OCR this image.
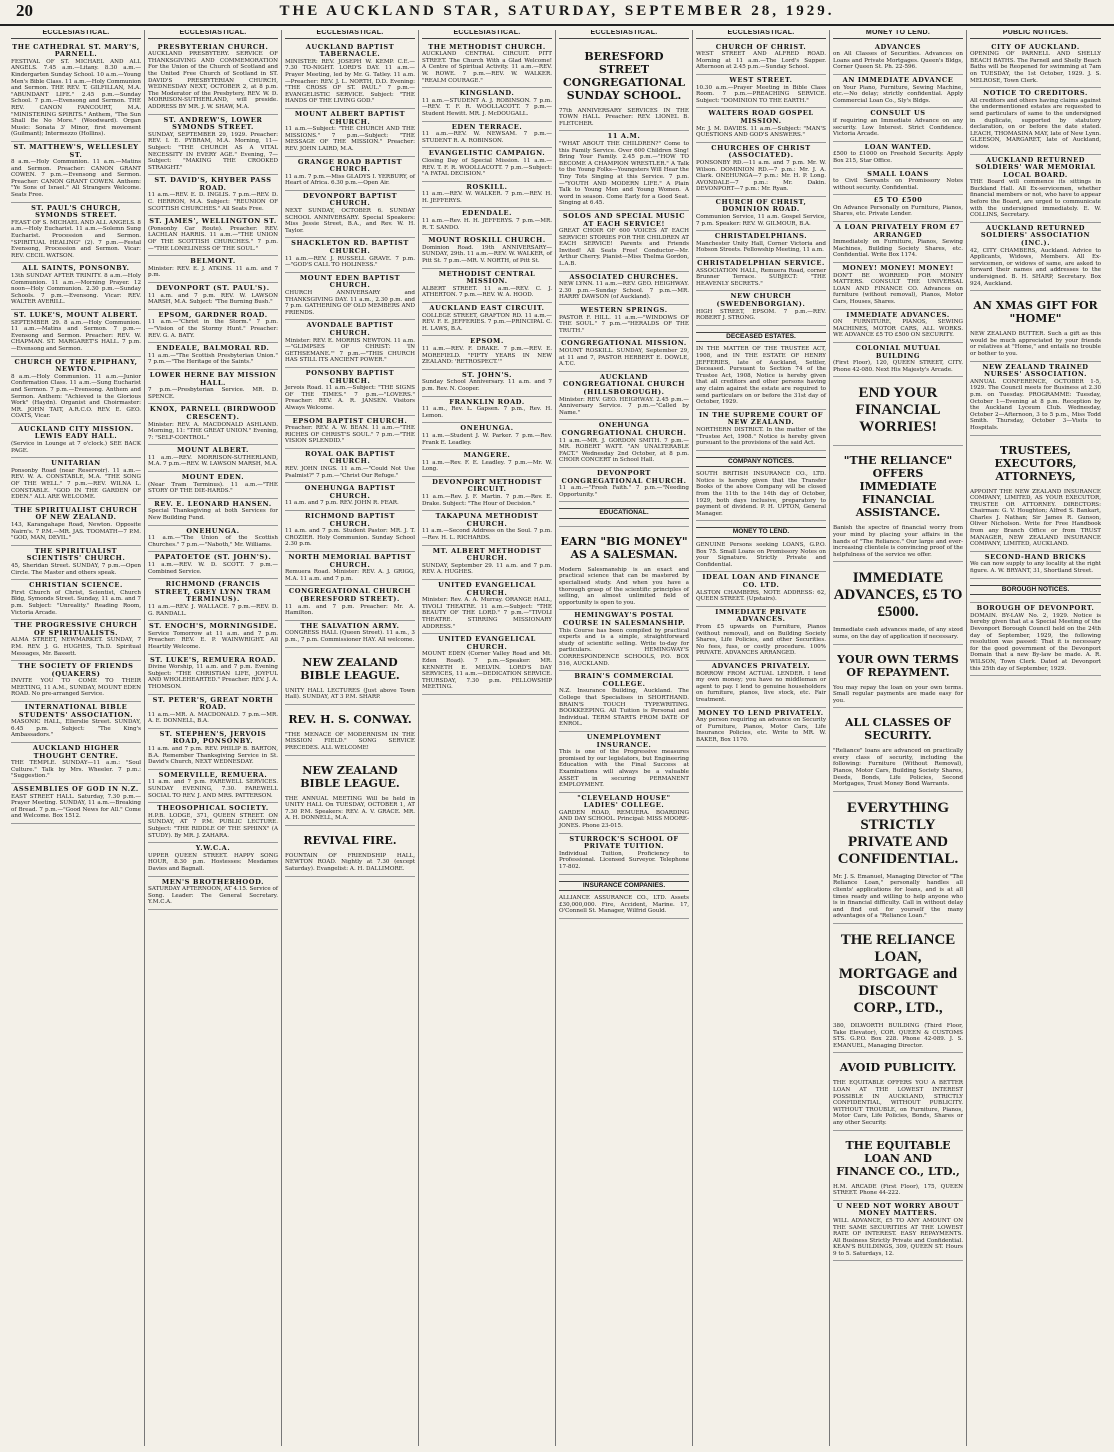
20	THE AUCKLAND STAR, SATURDAY, SEPTEMBER 28, 1929.
ECCLESIASTICAL.
THE CATHEDRAL ST. MARY'S, PARNELL.
FESTIVAL OF ST. MICHAEL AND ALL ANGELS. 7.45 a.m.—Litany. 8.30 a.m.—Kindergarten Sunday School. 10 a.m.—Young Men's Bible Class. 11 a.m.—Holy Communion and Sermon. THE REV. T. GILFILLAN, M.A. "ABUNDANT LIFE." 2.45 p.m.—Sunday School. 7 p.m.—Evensong and Sermon. THE REV. CANON FANCOURT, M.A. "MINISTERING SPIRITS." Anthem, "The Sun Shall Be No More." (Woodward). Organ Music: Sonata 3' Minor, first movement (Guilmant); Intermezzo (Hollins).
ST. MATTHEW'S, WELLESLEY ST.
8 a.m.—Holy Communion. 11 a.m.—Matins and Sermon. Preacher: CANON GRANT COWEN. 7 p.m.—Evensong and Sermon. Preacher: CANON GRANT COWEN. Anthem: "Ye Sons of Israel." All Strangers Welcome. Seats Free.
ST. PAUL'S CHURCH, SYMONDS STREET.
FEAST OF S. MICHAEL AND ALL ANGELS. 8 a.m.—Holy Eucharist. 11 a.m.—Solemn Sung Eucharist. Procession and Sermon. "SPIRITUAL HEALING" (2). 7 p.m.—Festal Evensong, Procession and Sermon. Vicar: REV. CECIL WATSON.
ALL SAINTS, PONSONBY.
13th SUNDAY AFTER TRINITY. 8 a.m.—Holy Communion. 11 a.m.—Morning Prayer. 12 noon—Holy Communion. 2.30 p.m.—Sunday Schools. 7 p.m.—Evensong. Vicar: REV. WALTER AVERILL.
ST. LUKE'S, MOUNT ALBERT.
SEPTEMBER 29. 8 a.m.—Holy Communion. 11 a.m.—Matins and Sermon. 7 p.m.—Evensong and Sermon. Preacher: REV. W. CHAPMAN. ST. MARGARET'S HALL. 7 p.m.—Evensong and Sermon.
CHURCH OF THE EPIPHANY, NEWTON.
8 a.m.—Holy Communion. 11 a.m.—Junior Confirmation Class. 11 a.m.—Sung Eucharist and Sermon. 7 p.m.—Evensong. Anthem and Sermon. Anthem: "Achieved is the Glorious Work" (Haydn). Organist and Choirmaster: MR. JOHN TAIT, A.R.C.O. REV. E. GEO. COATS, Vicar.
AUCKLAND CITY MISSION. LEWIS EADY HALL.
(Service in Lounge at 7 o'clock.) SEE BACK PAGE.
UNITARIAN
Ponsonby Road (near Reservoir). 11 a.m.—REV. W. A. CONSTABLE, M.A. "THE SONG OF THE WELL." 7 p.m.—REV. WILNA L. CONSTABLE. "GOD IN THE GARDEN OF EDEN." ALL ARE WELCOME.
THE SPIRITUALIST CHURCH OF NEW ZEALAND.
143, Karangahape Road, Newton. Opposite Nairn's. 7 P.M.—MR. JAS. TOOMATH—7 P.M. "GOD, MAN, DEVIL."
THE SPIRITUALIST SCIENTISTS' CHURCH.
45, Sheridan Street. SUNDAY, 7 p.m.—Open Circle. The Master and others speak.
CHRISTIAN SCIENCE.
First Church of Christ, Scientist, Church Bldg, Symonds Street. Sunday, 11 a.m. and 7 p.m. Subject: "Unreality." Reading Room, Victoria Arcade.
THE PROGRESSIVE CHURCH OF SPIRITUALISTS.
ALMA STREET, NEWMARKET. SUNDAY, 7 P.M. REV. J. G. HUGHES, Th.D. Spiritual Messages, Mr. Bassett.
THE SOCIETY OF FRIENDS (QUAKERS)
INVITE YOU TO COME TO THEIR MEETING, 11 A.M., SUNDAY, MOUNT EDEN ROAD. No pre-arranged Service.
INTERNATIONAL BIBLE STUDENTS' ASSOCIATION.
MASONIC HALL, Ellerslie Street. SUNDAY, 6.45 p.m. Subject: "The King's Ambassadors."
AUCKLAND HIGHER THOUGHT CENTRE.
THE TEMPLE. SUNDAY—11 a.m.: "Soul Culture." Talk by Mrs. Wheeler. 7 p.m.: "Suggestion."
ASSEMBLIES OF GOD IN N.Z.
EAST STREET HALL. Saturday, 7.30 p.m.—Prayer Meeting. SUNDAY, 11 a.m.—Breaking of Bread. 7 p.m.—"Good News for All." Come and Welcome. Box 1512.
ECCLESIASTICAL.
PRESBYTERIAN CHURCH.
AUCKLAND PRESBYTERY. SERVICE OF THANKSGIVING AND COMMEMORATION For the Union of the Church of Scotland and the United Free Church of Scotland in ST. DAVID'S PRESBYTERIAN CHURCH, WEDNESDAY NEXT, OCTOBER 2, at 8 p.m. The Moderator of the Presbytery, REV. W. D. MORRISON-SUTHERLAND, will preside. ADDRESS BY MR. J. W. SHAW, M.A.
ST. ANDREW'S, LOWER SYMONDS STREET.
SUNDAY, SEPTEMBER 29, 1929. Preacher: REV. I. E. PYBRAM, M.A. Morning, 11—Subject: "THE CHURCH AS A VITAL NECESSITY IN EVERY AGE." Evening, 7—Subject: "MAKING THE CROOKED STRAIGHT."
ST. DAVID'S, KHYBER PASS ROAD.
11 a.m.—REV. E. D. INGLIS. 7 p.m.—REV. D. C. HERRON, M.A. Subject: "REUNION OF SCOTTISH CHURCHES." All Seats Free.
ST. JAMES', WELLINGTON ST.
(Ponsonby Car Route). Preacher: REV. LACHLAN HARRIS. 11 a.m.—"THE UNION OF THE SCOTTISH CHURCHES." 7 p.m.—"THE LONELINESS OF THE SOUL."
BELMONT.
Minister: REV. E. J. ATKINS. 11 a.m. and 7 p.m.
DEVONPORT (ST. PAUL'S).
11 a.m. and 7 p.m. REV. W. LAWSON MARSH, M.A. Subject: "The Burning Bush."
EPSOM, GARDNER ROAD.
11 a.m.—"Christ in the Storm." 7 p.m.—"Vision of the Stormy Hunt." Preacher: REV. G. A. BATY.
ENDEALE, BALMORAL RD.
11 a.m.—"The Scottish Presbyterian Union." 7 p.m.—"The Heritage of the Saints."
LOWER HERNE BAY MISSION HALL.
7 p.m.—Presbyterian Service. MR. D. SPENCE.
KNOX, PARNELL (BIRDWOOD CRESCENT).
Minister: REV. A. MACDONALD ASHLAND. Morning, 11: "THE GREAT UNION." Evening, 7: "SELF-CONTROL."
MOUNT ALBERT.
11 a.m.—REV. MORRISON-SUTHERLAND, M.A. 7 p.m.—REV. W. LAWSON MARSH, M.A.
MOUNT EDEN.
(Near Tram Terminus). 11 a.m.—"THE STORY OF THE DIE-HARDS."
REV. E. LEONARD HANSEN.
Special Thanksgiving at both Services for New Building Fund.
ONEHUNGA.
11 a.m.—"The Union of the Scottish Churches." 7 p.m.—"Naboth," Mr. Williams.
PAPATOETOE (ST. JOHN'S).
11 a.m.—REV. W. D. SCOTT. 7 p.m.—Combined Service.
RICHMOND (FRANCIS STREET, GREY LYNN TRAM TERMINUS).
11 a.m.—REV. J. WALLACE. 7 p.m.—REV. D. G. RANDALL.
ST. ENOCH'S, MORNINGSIDE.
Service Tomorrow at 11 a.m. and 7 p.m. Preacher: REV. E. P. WAINWRIGHT. All Heartily Welcome.
ST. LUKE'S, REMUERA ROAD.
Divine Worship, 11 a.m. and 7 p.m. Evening Subject: "THE CHRISTIAN LIFE, JOYFUL AND WHOLEHEARTED." Preacher: REV. J. A. THOMSON.
ST. PETER'S, GREAT NORTH ROAD.
11 a.m.—MR. A. MACDONALD. 7 p.m.—MR. A. E. DONNELL, B.A.
ST. STEPHEN'S, JERVOIS ROAD, PONSONBY.
11 a.m. and 7 p.m. REV. PHILIP B. BARTON, B.A. Remember Thanksgiving Service in St. David's Church, NEXT WEDNESDAY.
SOMERVILLE, REMUERA.
11 a.m. and 7 p.m. FAREWELL SERVICES. SUNDAY EVENING, 7.30. FAREWELL SOCIAL TO REV. J. AND MRS. PATTERSON.
THEOSOPHICAL SOCIETY.
H.P.B. LODGE, 371, QUEEN STREET. ON SUNDAY, AT 7 P.M. PUBLIC LECTURE. Subject: "THE RIDDLE OF THE SPHINX" (A STUDY). By MR. J. ZAHARA.
Y.W.C.A.
UPPER QUEEN STREET. HAPPY SONG HOUR, 8.30 p.m. Hostesses: Mesdames Davies and Bagnall.
MEN'S BROTHERHOOD.
SATURDAY AFTERNOON, AT 4.15. Service of Song. Leader: The General Secretary. Y.M.C.A.
ECCLESIASTICAL.
AUCKLAND BAPTIST TABERNACLE.
MINISTER: REV. JOSEPH W. KEMP. C.E.—7.30 TO-NIGHT. LORD'S DAY. 11 a.m.—Prayer Meeting, led by Mr. G. Tatley. 11 a.m.—Preacher: REV. J. L. NORTH, D.D. Evening: "THE CROSS OF ST. PAUL." 7 p.m.—EVANGELISTIC SERVICE. Subject: "THE HANDS OF THE LIVING GOD."
MOUNT ALBERT BAPTIST CHURCH.
11 a.m.—Subject: "THE CHURCH AND THE MISSIONS." 7 p.m.—Subject: "THE MESSAGE OF THE MISSION." Preacher: REV. JOHN LAIRD, M.A.
GRANGE ROAD BAPTIST CHURCH.
11 a.m. 7 p.m.—Miss GLADYS I. YERBURY, of Heart of Africa. 6.30 p.m.—Open Air.
DEVONPORT BAPTIST CHURCH.
NEXT SUNDAY, OCTOBER 6. SUNDAY SCHOOL ANNIVERSARY. Special Speakers: Miss Jessie Street, B.A., and Rev. W. H. Taylor.
SHACKLETON RD. BAPTIST CHURCH.
11 a.m.—REV. J. RUSSELL GRAVE. 7 p.m.—"GOD'S CALL TO HOLINESS."
MOUNT EDEN BAPTIST CHURCH.
CHURCH ANNIVERSARY and THANKSGIVING DAY. 11 a.m., 2.30 p.m. and 7 p.m. GATHERING OF OLD MEMBERS AND FRIENDS.
AVONDALE BAPTIST CHURCH.
Minister: REV. E. MORRIS NEWTON. 11 a.m.—"GLIMPSES OF CHRIST: 'IN GETHSEMANE.'" 7 p.m.—"THIS CHURCH HAS STILL ITS ANCIENT POWER."
PONSONBY BAPTIST CHURCH.
Jervois Road. 11 a.m.—Subject: "THE SIGNS OF THE TIMES." 7 p.m.—"LOVERS." Preacher: REV. A. R. JANSEN. Visitors Always Welcome.
EPSOM BAPTIST CHURCH.
Preacher: REV. A. W. BEAN. 11 a.m.—"THE RICHES OF CHRIST'S SOUL." 7 p.m.—"THE VISION SPLENDID."
ROYAL OAK BAPTIST CHURCH.
REV. JOHN INGS. 11 a.m.—"Could Not Use Psalmist?" 7 p.m.—"Christ Our Refuge."
ONEHUNGA BAPTIST CHURCH.
11 a.m. and 7 p.m. REV. JOHN R. FEAR.
RICHMOND BAPTIST CHURCH.
11 a.m. and 7 p.m. Student Pastor: MR. J. T. CROZIER. Holy Communion. Sunday School 2.30 p.m.
NORTH MEMORIAL BAPTIST CHURCH.
Remuera Road. Minister: REV. A. J. GRIGG, M.A. 11 a.m. and 7 p.m.
CONGREGATIONAL CHURCH (BERESFORD STREET).
11 a.m. and 7 p.m. Preacher: Mr. A. Hamilton.
THE SALVATION ARMY.
CONGRESS HALL (Queen Street). 11 a.m., 3 p.m., 7 p.m. Commissioner HAY. All welcome.
NEW ZEALAND BIBLE LEAGUE.
UNITY HALL LECTURES (Just above Town Hall). SUNDAY, AT 3 P.M. SHARP.
REV. H. S. CONWAY.
"THE MENACE OF MODERNISM IN THE MISSION FIELD." SONG SERVICE PRECEDES. ALL WELCOME!
NEW ZEALAND BIBLE LEAGUE.
THE ANNUAL MEETING Will be held in UNITY HALL On TUESDAY, OCTOBER 1, AT 7.30 P.M. Speakers: REV. A. V. GRACE. MR. A. H. DONNELL, M.A.
REVIVAL FIRE.
FOUNTAIN OF FRIENDSHIP HALL, NEWTON ROAD. Nightly at 7.30 (except Saturday). Evangelist: A. H. DALLIMORE.
ECCLESIASTICAL.
THE METHODIST CHURCH.
AUCKLAND CENTRAL CIRCUIT. PITT STREET. The Church With a Glad Welcome! A Centre of Spiritual Activity. 11 a.m.—REV. W. ROWE. 7 p.m.—REV. W. WALKER. "REALM COURAGE."
KINGSLAND.
11 a.m.—STUDENT A. J. ROBINSON. 7 p.m.—REV. T. F. R. WOOLLACOTT. 7 p.m.—Student Hewitt. MR. J. McDOUGALL.
EDEN TERRACE.
11 a.m.—REV. W. NEWSAM. 7 p.m.—STUDENT R. A. ROBINSON.
EVANGELISTIC CAMPAIGN.
Closing Day of Special Mission. 11 a.m.—REV. T. F. R. WOOLLACOTT. 7 p.m.—Subject: "A FATAL DECISION."
ROSKILL.
11 a.m.—REV. W. WALKER. 7 p.m.—REV. H. H. JEFFERYS.
EDENDALE.
11 a.m.—Rev. H. H. JEFFERYS. 7 p.m.—MR. R. T. SANDO.
MOUNT ROSKILL CHURCH.
Dominion Road. 19th ANNIVERSARY—SUNDAY, 29th. 11 a.m.—REV. W. WALKER, of Pitt St. 7 p.m.—MR. V. NORTH, of Pitt St.
METHODIST CENTRAL MISSION.
ALBERT STREET. 11 a.m.—REV. C. J. ATHERTON. 7 p.m.—REV. W. A. HOOD.
AUCKLAND EAST CIRCUIT.
COLLEGE STREET, GRAFTON RD. 11 a.m.—REV. F. E. JEFFERIES. 7 p.m.—PRINCIPAL C. H. LAWS, B.A.
EPSOM.
11 a.m.—REV. F. DRAKE. 7 p.m.—REV. E. MOREFIELD. "FIFTY YEARS IN NEW ZEALAND: 'RETROSPECT.'"
ST. JOHN'S.
Sunday School Anniversary. 11 a.m. and 7 p.m. Rev. N. Cooper.
FRANKLIN ROAD.
11 a.m., Rev. L. Gapsen. 7 p.m., Rev. H. Lemon.
ONEHUNGA.
11 a.m.—Student J. W. Parker. 7 p.m.—Rev. Frank E. Leadley.
MANGERE.
11 a.m.—Rev. F. E. Leadley. 7 p.m.—Mr. W. Long.
DEVONPORT METHODIST CIRCUIT.
11 a.m.—Rev. J. F. Martin. 7 p.m.—Rev. E. Drake. Subject: "The Hour of Decision."
TAKAPUNA METHODIST CHURCH.
11 a.m.—Second Address on the Soul. 7 p.m.—Rev. H. L. RICHARDS.
MT. ALBERT METHODIST CHURCH.
SUNDAY, September 29. 11 a.m. and 7 p.m. REV. A. HUGHES.
UNITED EVANGELICAL CHURCH.
Minister: Rev. A. A. Murray. ORANGE HALL, TIVOLI THEATRE. 11 a.m.—Subject: "THE BEAUTY OF THE LORD." 7 p.m.—"TIVOLI THEATRE. STIRRING MISSIONARY ADDRESS."
UNITED EVANGELICAL CHURCH.
MOUNT EDEN (Corner Valley Road and Mt. Eden Road). 7 p.m.—Speaker: MR. KENNETH E. MELVIN. LORD'S DAY SERVICES, 11 a.m.—DEDICATION SERVICE. THURSDAY, 7.30 p.m. FELLOWSHIP MEETING.
ECCLESIASTICAL.
BERESFORD STREET CONGREGATIONAL SUNDAY SCHOOL.
77th ANNIVERSARY SERVICES IN THE TOWN HALL. Preacher: REV. LIONEL B. FLETCHER.
11 A.M.
"WHAT ABOUT THE CHILDREN?" Come to this Family Service. Over 600 Children Sing! Bring Your Family. 2.45 p.m.—"HOW TO BECOME A CHAMPION WRESTLER." A Talk to the Young Folks—Youngsters Will Hear the Tiny Tots Singing at this Service. 7 p.m.—"YOUTH AND MODERN LIFE." A Plain Talk to Young Men and Young Women. A word in season. Come Early for a Good Seat. Singing at 6.45.
SOLOS AND SPECIAL MUSIC AT EACH SERVICE!
GREAT CHOIR OF 600 VOICES AT EACH SERVICE! STORIES FOR THE CHILDREN AT EACH SERVICE! Parents and Friends Invited! All Seats Free! Conductor—Mr. Arthur Cherry. Pianist—Miss Thelma Gordon, L.A.B.
ASSOCIATED CHURCHES.
NEW LYNN. 11 a.m.—REV. GEO. HEIGHWAY. 2.30 p.m.—Sunday School. 7 p.m.—MR. HARRY DAWSON (of Auckland).
WESTERN SPRINGS.
PASTOR F. HILL. 11 a.m.—"WINDOWS OF THE SOUL." 7 p.m.—"HERALDS OF THE TRUTH."
CONGREGATIONAL MISSION.
MOUNT ROSKILL. SUNDAY, September 29, at 11 and 7, PASTOR HERBERT E. DOWLE, A.T.C.
AUCKLAND CONGREGATIONAL CHURCH (HILLSBOROUGH).
Minister: REV. GEO. HEIGHWAY. 2.45 p.m.—Anniversary Service. 7 p.m.—"Called by Name."
ONEHUNGA CONGREGATIONAL CHURCH.
11 a.m.—MR. J. GORDON SMITH. 7 p.m.—MR. ROBERT WATT. "AN UNALTERABLE FACT." Wednesday 2nd October, at 8 p.m. CHOIR CONCERT in School Hall.
DEVONPORT CONGREGATIONAL CHURCH.
11 a.m.—"Fresh Faith." 7 p.m.—"Needing Opportunity."
EDUCATIONAL.
EARN "BIG MONEY" AS A SALESMAN.
Modern Salesmanship is an exact and practical science that can be mastered by specialised study. And when you have a thorough grasp of the scientific principles of selling, an almost unlimited field of opportunity is open to you.
HEMINGWAY'S POSTAL COURSE IN SALESMANSHIP.
This Course has been compiled by practical experts and is a simple, straightforward study of scientific selling. Write to-day for particulars. HEMINGWAY'S CORRESPONDENCE SCHOOLS, P.O. BOX 516, AUCKLAND.
BRAIN'S COMMERCIAL COLLEGE.
N.Z. Insurance Building, Auckland. The College that Specialises in SHORTHAND. BRAIN'S TOUCH TYPEWRITING. BOOKKEEPING. All Tuition is Personal and Individual. TERM STARTS FROM DATE OF ENROL.
UNEMPLOYMENT INSURANCE.
This is one of the Progressive measures promised by our legislators, but Engineering Education with the Final Success at Examinations will always be a valuable ASSET in securing PERMANENT EMPLOYMENT.
"CLEVELAND HOUSE" LADIES' COLLEGE.
GARDEN ROAD, REMUERA. BOARDING AND DAY SCHOOL. Principal: MISS MOORE-JONES. Phone 23-015.
STURROCK'S SCHOOL OF PRIVATE TUITION.
Individual Tuition, Proficiency to Professional. Licensed Surveyor. Telephone 17-802.
INSURANCE COMPANIES.
ALLIANCE ASSURANCE CO., LTD. Assets £30,000,000. Fire, Accident, Marine. 17, O'Connell St. Manager, Wilfrid Gould.
ECCLESIASTICAL.
CHURCH OF CHRIST.
WEST STREET AND ALFRED ROAD. Morning at 11 a.m.—The Lord's Supper. Afternoon at 2.45 p.m.—Sunday School.
WEST STREET.
10.30 a.m.—Prayer Meeting in Bible Class Room. 7 p.m.—PREACHING SERVICE. Subject: "DOMINION TO THE EARTH."
WALTERS ROAD GOSPEL MISSION.
Mr. J. M. DAVIES. 11 a.m.—Subject: "MAN'S QUESTIONS AND GOD'S ANSWERS."
CHURCHES OF CHRIST (ASSOCIATED).
PONSONBY RD.—11 a.m. and 7 p.m. Mr. W. Wilson. DOMINION RD.—7 p.m.: Mr. J. A. Clark. ONEHUNGA—7 p.m.: Mr. H. P. Long. AVONDALE—7 p.m.: Mr. Dakin. DEVONPORT—7 p.m.: Mr. Ryan.
CHURCH OF CHRIST, DOMINION ROAD.
Communion Service, 11 a.m. Gospel Service, 7 p.m. Speaker: REV. W. GILMOUR, B.A.
CHRISTADELPHIANS.
Manchester Unity Hall, Corner Victoria and Hobson Streets. Fellowship Meeting, 11 a.m.
CHRISTADELPHIAN SERVICE.
ASSOCIATION HALL, Remuera Road, corner Brunner Terrace. SUBJECT: "THE HEAVENLY SECRETS."
NEW CHURCH (SWEDENBORGIAN).
HIGH STREET, EPSOM. 7 p.m.—REV. ROBERT J. STRONG.
DECEASED ESTATES.
IN THE MATTER OF THE TRUSTEE ACT, 1908, and IN THE ESTATE OF HENRY JEFFERIES, late of Auckland, Settler, Deceased. Pursuant to Section 74 of the Trustee Act, 1908, Notice is hereby given that all creditors and other persons having any claim against the estate are required to send particulars on or before the 31st day of October, 1929.
IN THE SUPREME COURT OF NEW ZEALAND.
NORTHERN DISTRICT. In the matter of the "Trustee Act, 1908." Notice is hereby given pursuant to the provisions of the said Act.
COMPANY NOTICES.
SOUTH BRITISH INSURANCE CO., LTD. Notice is hereby given that the Transfer Books of the above Company will be closed from the 11th to the 14th day of October, 1929, both days inclusive, preparatory to payment of dividend. P. H. UPTON, General Manager.
MONEY TO LEND.
GENUINE Persons seeking LOANS, G.P.O. Box 75. Small Loans on Promissory Notes on your Signature. Strictly Private and Confidential.
IDEAL LOAN AND FINANCE CO. LTD.
ALSTON CHAMBERS, NOTE ADDRESS: 62, QUEEN STREET. (Upstairs).
IMMEDIATE PRIVATE ADVANCES.
From £5 upwards on Furniture, Pianos (without removal), and on Building Society Shares, Life Policies, and other Securities. No fees, fuss, or costly procedure. 100% PRIVATE. ADVANCES ARRANGED.
ADVANCES PRIVATELY.
BORROW FROM ACTUAL LENDER. I lend my own money; you have no middleman or agent to pay. I lend to genuine householders on furniture, pianos, live stock, etc. Fair treatment.
MONEY TO LEND PRIVATELY.
Any person requiring an advance on Security of Furniture, Pianos, Motor Cars, Life Insurance Policies, etc. Write to MR. W. BAKER, Box 1170.
MONEY TO LEND.
ADVANCES
on All Classes of Securities. Advances on Loans and Private Mortgages. Queen's Bldgs, Corner Queen St. Ph. 22-596.
AN IMMEDIATE ADVANCE
on Your Piano, Furniture, Sewing Machine, etc.—No delay; strictly confidential. Apply Commercial Loan Co., Sly's Bldgs.
CONSULT US
if requiring an Immediate Advance on any security. Low Interest. Strict Confidence. Victoria Arcade.
LOAN WANTED.
£500 to £1000 on Freehold Security. Apply Box 215, Star Office.
SMALL LOANS
to Civil Servants on Promissory Notes without security. Confidential.
£5 TO £500
On Advance Personally on Furniture, Pianos, Shares, etc. Private Lender.
A LOAN PRIVATELY FROM £7 ARRANGED
Immediately on Furniture, Pianos, Sewing Machines, Building Society Shares, etc. Confidential. Write Box 1174.
MONEY! MONEY! MONEY!
DON'T BE WORRIED FOR MONEY MATTERS. CONSULT THE UNIVERSAL LOAN AND FINANCE CO. Advances on furniture (without removal), Pianos, Motor Cars, Houses, Shares.
IMMEDIATE ADVANCES.
ON FURNITURE, PIANOS, SEWING MACHINES, MOTOR CARS, ALL WORKS. WE ADVANCE £5 TO £500 ON SECURITY.
COLONIAL MUTUAL BUILDING
(First Floor), 120, QUEEN STREET, CITY. Phone 42-080. Next His Majesty's Arcade.
END YOUR FINANCIAL WORRIES!
"THE RELIANCE" OFFERS IMMEDIATE FINANCIAL ASSISTANCE.
Banish the spectre of financial worry from your mind by placing your affairs in the hands of "The Reliance." Our large and ever-increasing clientele is convincing proof of the helpfulness of the service we offer.
IMMEDIATE ADVANCES, £5 TO £5000.
Immediate cash advances made, of any sized sums, on the day of application if necessary.
YOUR OWN TERMS OF REPAYMENT.
You may repay the loan on your own terms. Small regular payments are made easy for you.
ALL CLASSES OF SECURITY.
"Reliance" loans are advanced on practically every class of security, including the following: Furniture (Without Removal), Pianos, Motor Cars, Building Society Shares, Deeds, Bonds, Life Policies, Second Mortgages, Trust Money Bond Warrants.
EVERYTHING STRICTLY PRIVATE AND CONFIDENTIAL.
Mr. J. S. Emanuel, Managing Director of "The Reliance Loan," personally handles all clients' applications for loans, and is at all times ready and willing to help anyone who is in financial difficulty. Call in without delay and find out for yourself the many advantages of a "Reliance Loan."
THE RELIANCE LOAN, MORTGAGE and DISCOUNT CORP., LTD.,
380, DILWORTH BUILDING (Third Floor, Take Elevator), COR. QUEEN & CUSTOMS STS. G.P.O. Box 228. Phone 42-089. J. S. EMANUEL, Managing Director.
AVOID PUBLICITY.
THE EQUITABLE OFFERS YOU A BETTER LOAN AT THE LOWEST INTEREST POSSIBLE IN AUCKLAND, STRICTLY CONFIDENTIAL, WITHOUT PUBLICITY. WITHOUT TROUBLE, on Furniture, Pianos, Motor Cars, Life Policies, Bonds, Shares or any other Security.
THE EQUITABLE LOAN AND FINANCE CO., LTD.,
H.M. ARCADE (First Floor), 175, QUEEN STREET. Phone 44-222.
U NEED NOT WORRY ABOUT MONEY MATTERS.
WILL ADVANCE, £5 TO ANY AMOUNT ON THE SAME SECURITIES AT THE LOWEST RATE OF INTEREST. EASY REPAYMENTS. All Business Strictly Private and Confidential. KEAN'S BUILDINGS, 309, QUEEN ST. Hours 9 to 5. Saturdays, 12.
PUBLIC NOTICES.
CITY OF AUCKLAND.
OPENING OF PARNELL AND SHELLY BEACH BATHS. The Parnell and Shelly Beach Baths will be Reopened for swimming at 7am on TUESDAY, the 1st October, 1929. J. S. MELROSE, Town Clerk.
NOTICE TO CREDITORS.
All creditors and others having claims against the undermentioned estates are requested to send particulars of same to the undersigned in duplicate, supported by statutory declaration, on or before the date stated. LEACH, THOMASINA MAY, late of New Lynn. GLEESON, MARGARET, late of Auckland, widow.
AUCKLAND RETURNED SOLDIERS' WAR MEMORIAL LOCAL BOARD.
THE Board will commence its sittings in Buckland Hall. All Ex-servicemen, whether financial members or not, who have to appear before the Board, are urged to communicate with the undersigned immediately. E. W. COLLINS, Secretary.
AUCKLAND RETURNED SOLDIERS' ASSOCIATION (INC.).
42, CITY CHAMBERS, Auckland. Advice to Applicants, Widows, Members. All Ex-servicemen, or widows of same, are asked to forward their names and addresses to the undersigned. B. H. SHARP, Secretary. Box 924, Auckland.
AN XMAS GIFT FOR "HOME"
NEW ZEALAND BUTTER. Such a gift as this would be much appreciated by your friends or relatives at "Home," and entails no trouble or bother to you.
NEW ZEALAND TRAINED NURSES' ASSOCIATION.
ANNUAL CONFERENCE, OCTOBER 1-5, 1929. The Council meets for Business at 2.30 p.m. on Tuesday. PROGRAMME: Tuesday, October 1—Evening at 8 p.m. Reception by the Auckland Lyceum Club. Wednesday, October 2—Afternoon, 3 to 5 p.m., Miss Todd Smith. Thursday, October 3—Visits to Hospitals.
TRUSTEES, EXECUTORS, ATTORNEYS,
APPOINT THE NEW ZEALAND INSURANCE COMPANY, LIMITED, AS YOUR EXECUTOR, TRUSTEE OR ATTORNEY. DIRECTORS: Chairman: G. V. Houghton; Alfred S. Bankart, Charles J. Nathan; Sir James R. Gunson, Oliver Nicholson. Write for Free Handbook from any Branch Office or from TRUST MANAGER, NEW ZEALAND INSURANCE COMPANY, LIMITED, AUCKLAND.
SECOND-HAND BRICKS
We can now supply to any locality at the right figure. A. W. BRYANT, 31, Shortland Street.
BOROUGH NOTICES.
BOROUGH OF DEVONPORT.
DOMAIN. BY-LAW No. 2, 1929. Notice is hereby given that at a Special Meeting of the Devonport Borough Council held on the 24th day of September, 1929, the following resolution was passed: That it is necessary for the good government of the Devonport Domain that a new By-law be made. A. R. WILSON, Town Clerk. Dated at Devonport this 25th day of September, 1929.
